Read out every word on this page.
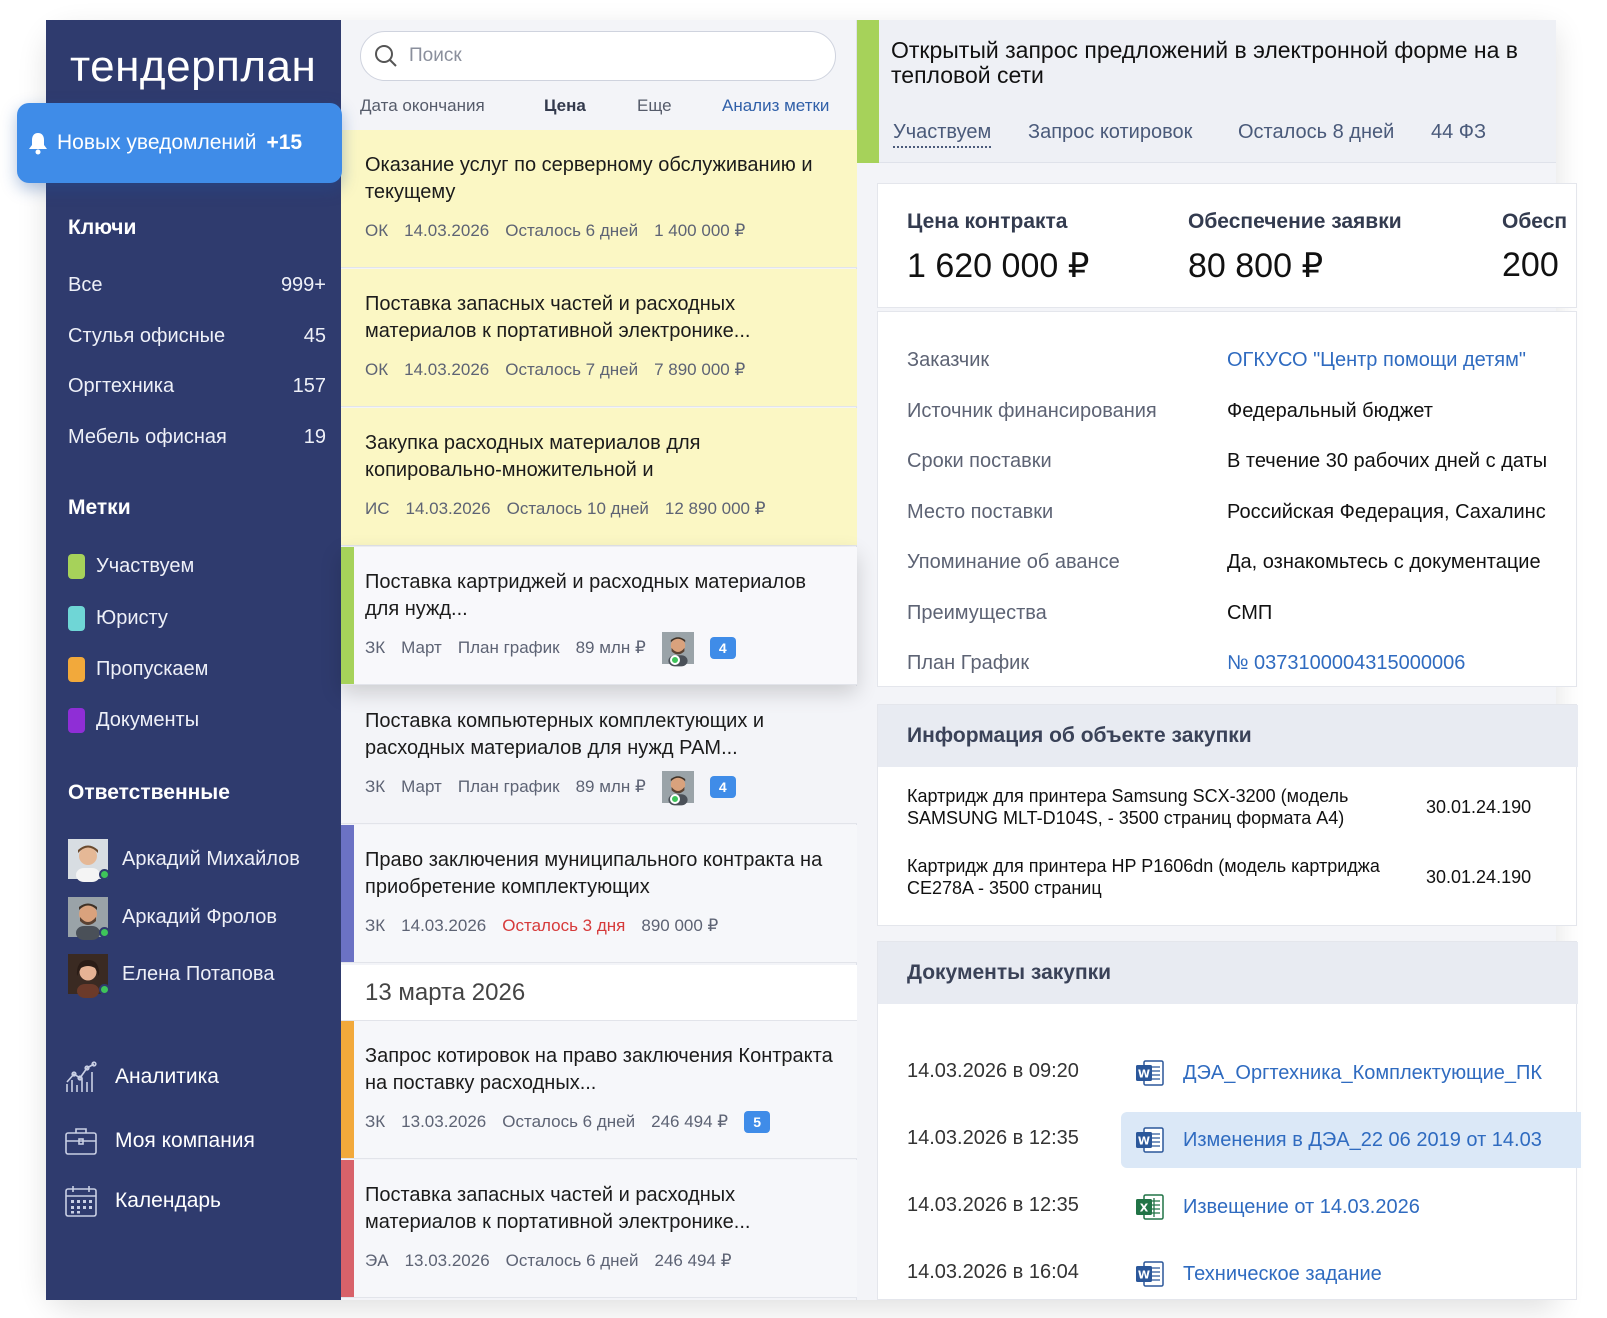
тендерплан
Ключи
Все	999+
Стулья офисные	45
Оргтехника	157
Мебель офисная	19
Метки
Участвуем
Юристу
Пропускаем
Документы
Ответственные
Аркадий Михайлов
Аркадий Фролов
Елена Потапова
Аналитика
Моя компания
Календарь
Поиск
Дата окончания	Цена	Еще	Анализ метки
Оказание услуг по серверному обслуживанию и текущему
ОК 14.03.2026 Осталось 6 дней 1 400 000 ₽
Поставка запасных частей и расходных материалов к портативной электронике...
ОК 14.03.2026 Осталось 7 дней 7 890 000 ₽
Закупка расходных материалов для копировально-множительной и
ИС 14.03.2026 Осталось 10 дней 12 890 000 ₽
Поставка картриджей и расходных материалов для нужд...
ЗК Март План график 89 млн ₽	4
Поставка компьютерных комплектующих и расходных материалов для нужд РАМ...
ЗК Март План график 89 млн ₽	4
Право заключения муниципального контракта на приобретение комплектующих
ЗК 14.03.2026 Осталось 3 дня 890 000 ₽
13 марта 2026
Запрос котировок на право заключения Контракта на поставку расходных...
ЗК 13.03.2026 Осталось 6 дней 246 494 ₽	5
Поставка запасных частей и расходных материалов к портативной электронике...
ЭА 13.03.2026 Осталось 6 дней 246 494 ₽
Открытый запрос предложений в электронной форме на в
тепловой сети
Участвуем Запрос котировок Осталось 8 дней 44 ФЗ
Цена контракта
1 620 000 ₽
Обеспечение заявки
80 800 ₽
Обесп
200
Заказчик	ОГКУСО "Центр помощи детям"
Источник финансирования	Федеральный бюджет
Сроки поставки	В течение 30 рабочих дней с даты
Место поставки	Российская Федерация, Сахалинс
Упоминание об авансе	Да, ознакомьтесь с документацие
Преимущества	СМП
План График	№ 0373100004315000006
Информация об объекте закупки
Картридж для принтера Samsung SCX-3200 (модель SAMSUNG MLT-D104S, - 3500 страниц формата А4)
30.01.24.190
Картридж для принтера HP P1606dn (модель картриджа CE278A - 3500 страниц
30.01.24.190
Документы закупки
14.03.2026 в 09:20	W ДЭА_Оргтехника_Комплектующие_ПК
14.03.2026 в 12:35	W Изменения в ДЭА_22 06 2019 от 14.03
14.03.2026 в 12:35	X Извещение от 14.03.2026
14.03.2026 в 16:04	W Техническое задание
Новых уведомлений +15
